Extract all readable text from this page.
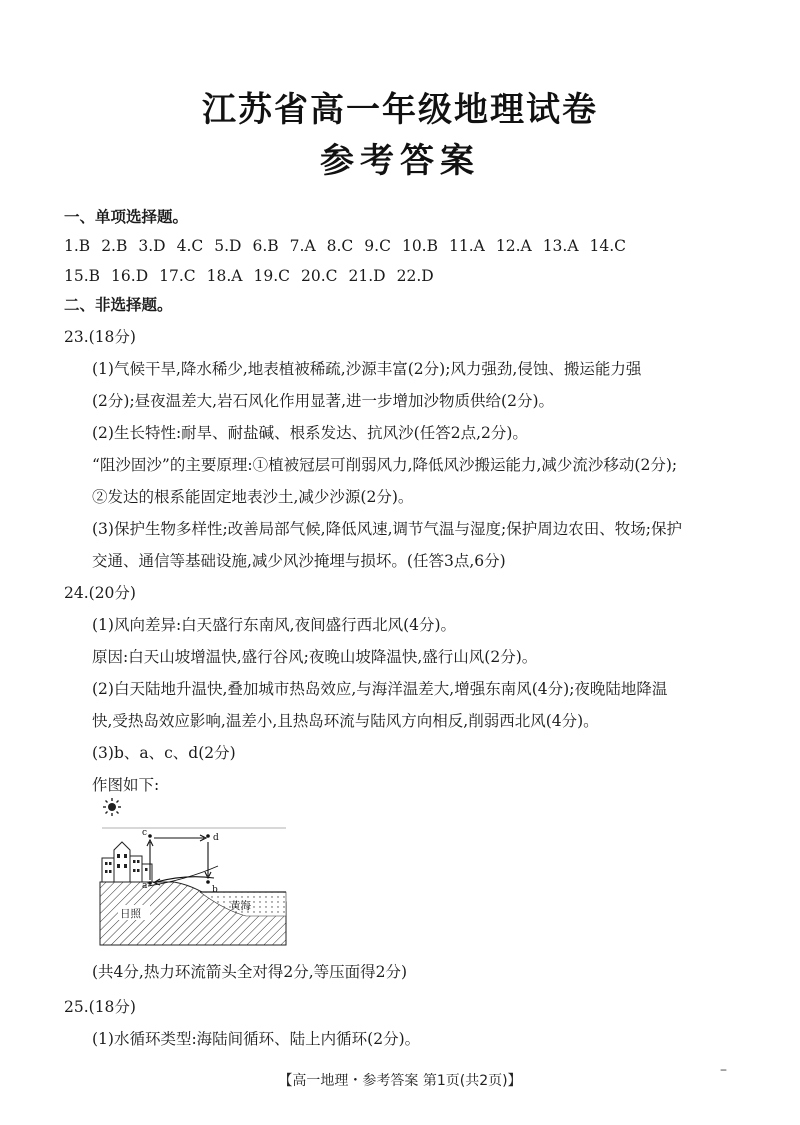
江苏省高一年级地理试卷
参考答案
一、单项选择题。
1.B 2.B 3.D 4.C 5.D 6.B 7.A 8.C 9.C 10.B 11.A 12.A 13.A 14.C
15.B 16.D 17.C 18.A 19.C 20.C 21.D 22.D
二、非选择题。
23.(18分)
(1)气候干旱,降水稀少,地表植被稀疏,沙源丰富(2分);风力强劲,侵蚀、搬运能力强
(2分);昼夜温差大,岩石风化作用显著,进一步增加沙物质供给(2分)。
(2)生长特性:耐旱、耐盐碱、根系发达、抗风沙(任答2点,2分)。
“阻沙固沙”的主要原理:①植被冠层可削弱风力,降低风沙搬运能力,减少流沙移动(2分);
②发达的根系能固定地表沙土,减少沙源(2分)。
(3)保护生物多样性;改善局部气候,降低风速,调节气温与湿度;保护周边农田、牧场;保护
交通、通信等基础设施,减少风沙掩埋与损坏。(任答3点,6分)
24.(20分)
(1)风向差异:白天盛行东南风,夜间盛行西北风(4分)。
原因:白天山坡增温快,盛行谷风;夜晚山坡降温快,盛行山风(2分)。
(2)白天陆地升温快,叠加城市热岛效应,与海洋温差大,增强东南风(4分);夜晚陆地降温
快,受热岛效应影响,温差小,且热岛环流与陆风方向相反,削弱西北风(4分)。
(3)b、a、c、d(2分)
作图如下:
c	d
a	b
日照
黄海
(共4分,热力环流箭头全对得2分,等压面得2分)
25.(18分)
(1)水循环类型:海陆间循环、陆上内循环(2分)。
【高一地理・参考答案 第1页(共2页)】
–
